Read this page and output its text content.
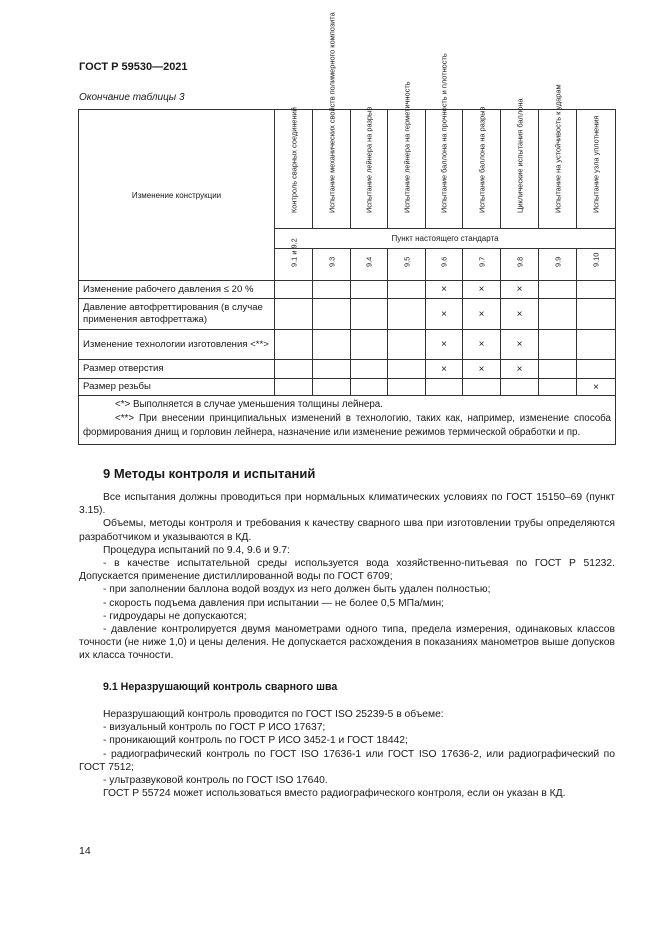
ГОСТ Р 59530—2021
Окончание таблицы 3
Изменение конструкции	Контроль сварных соединений	Испытание механических свойств полимерного композита	Испытание лейнера на разрыв	Испытание лейнера на герметичность	Испытание баллона на прочность и плотность	Испытание баллона на разрыв	Циклические испытания баллона	Испытание на устойчивость к ударам	Испытание узла уплотнения

	Пункт настоящего стандарта								

	9.1 и 9.2	9.3	9.4	9.5	9.6	9.7	9.8	9.9	9.10

Изменение рабочего давления ≤ 20 %					×	×	×		
Давление автофреттирования (в случае применения автофреттажа)					×	×	×		
Изменение технологии изготовления <**>					×	×	×		
Размер отверстия					×	×	×		
Размер резьбы									×

<*> Выполняется в случае уменьшения толщины лейнера.

<**> При внесении принципиальных изменений в технологию, таких как, например, изменение способа формирования днищ и горловин лейнера, назначение или изменение режимов термической обработки и пр.									

9 Методы контроля и испытаний

Все испытания должны проводиться при нормальных климатических условиях по ГОСТ 15150–69 (пункт 3.15).

Объемы, методы контроля и требования к качеству сварного шва при изготовлении трубы определяются разработчиком и указываются в КД.

Процедура испытаний по 9.4, 9.6 и 9.7:

- в качестве испытательной среды используется вода хозяйственно-питьевая по ГОСТ Р 51232. Допускается применение дистиллированной воды по ГОСТ 6709;

- при заполнении баллона водой воздух из него должен быть удален полностью;

- скорость подъема давления при испытании — не более 0,5 МПа/мин;

- гидроудары не допускаются;

- давление контролируется двумя манометрами одного типа, предела измерения, одинаковых классов точности (не ниже 1,0) и цены деления. Не допускается расхождения в показаниях манометров выше допусков их класса точности.

9.1 Неразрушающий контроль сварного шва

Неразрушающий контроль проводится по ГОСТ ISO 25239-5 в объеме:

- визуальный контроль по ГОСТ Р ИСО 17637;

- проникающий контроль по ГОСТ Р ИСО 3452-1 и ГОСТ 18442;

- радиографический контроль по ГОСТ ISO 17636-1 или ГОСТ ISO 17636-2, или радиографический по ГОСТ 7512;

- ультразвуковой контроль по ГОСТ ISO 17640.

ГОСТ Р 55724 может использоваться вместо радиографического контроля, если он указан в КД.

14
